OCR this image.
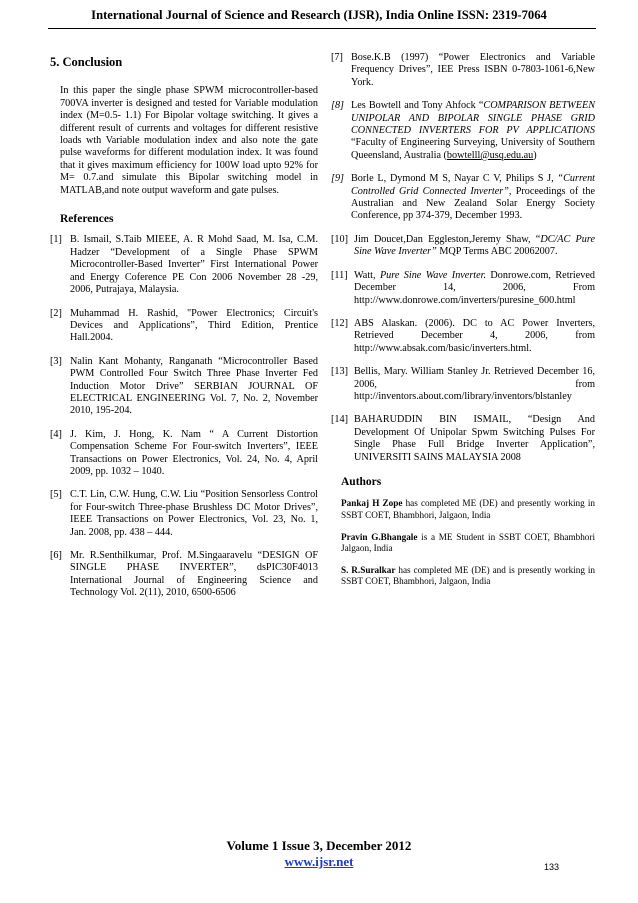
International Journal of Science and Research (IJSR), India Online ISSN: 2319-7064
5. Conclusion
In this paper the single phase SPWM microcontroller-based 700VA inverter is designed and tested for Variable modulation index (M=0.5- 1.1) For Bipolar voltage switching. It gives a different result of currents and voltages for different resistive loads wth Variable modulation index and also note the gate pulse waveforms for different modulation index. It was found that it gives maximum efficiency for 100W load upto 92% for M= 0.7.and simulate this Bipolar switching model in MATLAB,and note output waveform and gate pulses.
References
[1] B. Ismail, S.Taib MIEEE, A. R Mohd Saad, M. Isa, C.M. Hadzer “Development of a Single Phase SPWM Microcontroller-Based Inverter” First International Power and Energy Coference PE Con 2006 November 28 -29, 2006, Putrajaya, Malaysia.
[2] Muhammad H. Rashid, "Power Electronics; Circuit's Devices and Applications”, Third Edition, Prentice Hall.2004.
[3] Nalin Kant Mohanty, Ranganath “Microcontroller Based PWM Controlled Four Switch Three Phase Inverter Fed Induction Motor Drive” SERBIAN JOURNAL OF ELECTRICAL ENGINEERING Vol. 7, No. 2, November 2010, 195-204.
[4] J. Kim, J. Hong, K. Nam “ A Current Distortion Compensation Scheme For Four-switch Inverters”, IEEE Transactions on Power Electronics, Vol. 24, No. 4, April 2009, pp. 1032 – 1040.
[5] C.T. Lin, C.W. Hung, C.W. Liu “Position Sensorless Control for Four-switch Three-phase Brushless DC Motor Drives”, IEEE Transactions on Power Electronics, Vol. 23, No. 1, Jan. 2008, pp. 438 – 444.
[6] Mr. R.Senthilkumar, Prof. M.Singaaravelu “DESIGN OF SINGLE PHASE INVERTER”, dsPIC30F4013 International Journal of Engineering Science and Technology Vol. 2(11), 2010, 6500-6506
[7] Bose.K.B (1997) “Power Electronics and Variable Frequency Drives”, IEE Press ISBN 0-7803-1061-6,New York.
[8] Les Bowtell and Tony Ahfock “COMPARISON BETWEEN UNIPOLAR AND BIPOLAR SINGLE PHASE GRID CONNECTED INVERTERS FOR PV APPLICATIONS “Faculty of Engineering Surveying, University of Southern Queensland, Australia (bowtelll@usq.edu.au)
[9] Borle L, Dymond M S, Nayar C V, Philips S J, “Current Controlled Grid Connected Inverter”, Proceedings of the Australian and New Zealand Solar Energy Society Conference, pp 374-379, December 1993.
[10] Jim Doucet,Dan Eggleston,Jeremy Shaw, “DC/AC Pure Sine Wave Inverter” MQP Terms ABC 20062007.
[11] Watt, Pure Sine Wave Inverter. Donrowe.com, Retrieved December 14, 2006, From http://www.donrowe.com/inverters/puresine_600.html
[12] ABS Alaskan. (2006). DC to AC Power Inverters, Retrieved December 4, 2006, from http://www.absak.com/basic/inverters.html.
[13] Bellis, Mary. William Stanley Jr. Retrieved December 16, 2006, from http://inventors.about.com/library/inventors/blstanley
[14] BAHARUDDIN BIN ISMAIL, “Design And Development Of Unipolar Spwm Switching Pulses For Single Phase Full Bridge Inverter Application”, UNIVERSITI SAINS MALAYSIA 2008
Authors
Pankaj H Zope has completed ME (DE) and presently working in SSBT COET, Bhambhori, Jalgaon, India
Pravin G.Bhangale is a ME Student in SSBT COET, Bhambhori Jalgaon, India
S. R.Suralkar has completed ME (DE) and is presently working in SSBT COET, Bhambhori, Jalgaon, India
Volume 1 Issue 3, December 2012
www.ijsr.net	133
